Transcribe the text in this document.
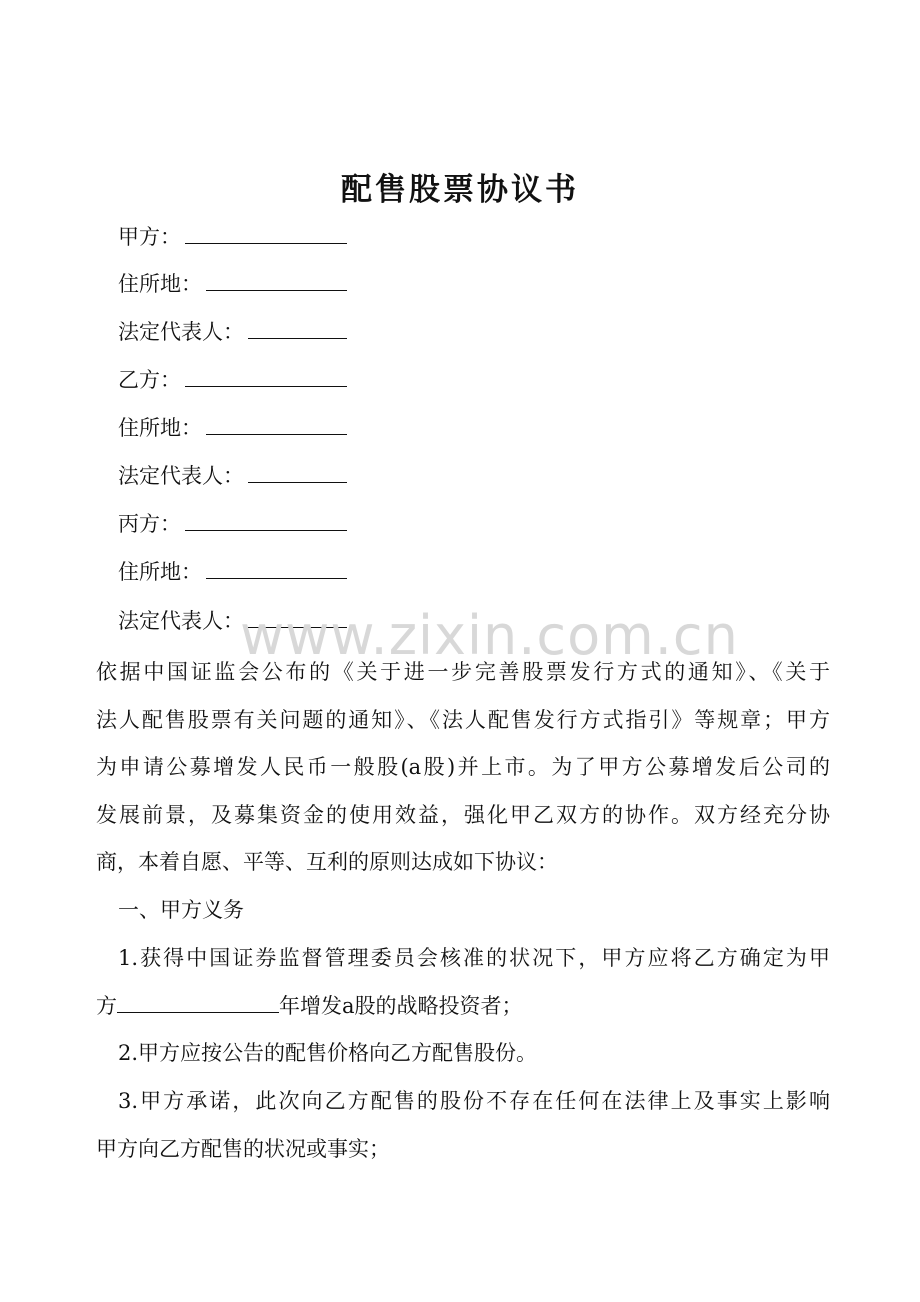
配售股票协议书
甲方：
住所地：
法定代表人：
乙方：
住所地：
法定代表人：
丙方：
住所地：
法定代表人：
www.zixin.com.cn
依据中国证监会公布的《关于进一步完善股票发行方式的通知》、《关于
法人配售股票有关问题的通知》、《法人配售发行方式指引》等规章；甲方
为申请公募增发人民币一般股(a股)并上市。为了甲方公募增发后公司的
发展前景，及募集资金的使用效益，强化甲乙双方的协作。双方经充分协
商，本着自愿、平等、互利的原则达成如下协议：
一、甲方义务
1.获得中国证券监督管理委员会核准的状况下，甲方应将乙方确定为甲
方	年增发a股的战略投资者；
2.甲方应按公告的配售价格向乙方配售股份。
3.甲方承诺，此次向乙方配售的股份不存在任何在法律上及事实上影响
甲方向乙方配售的状况或事实；
